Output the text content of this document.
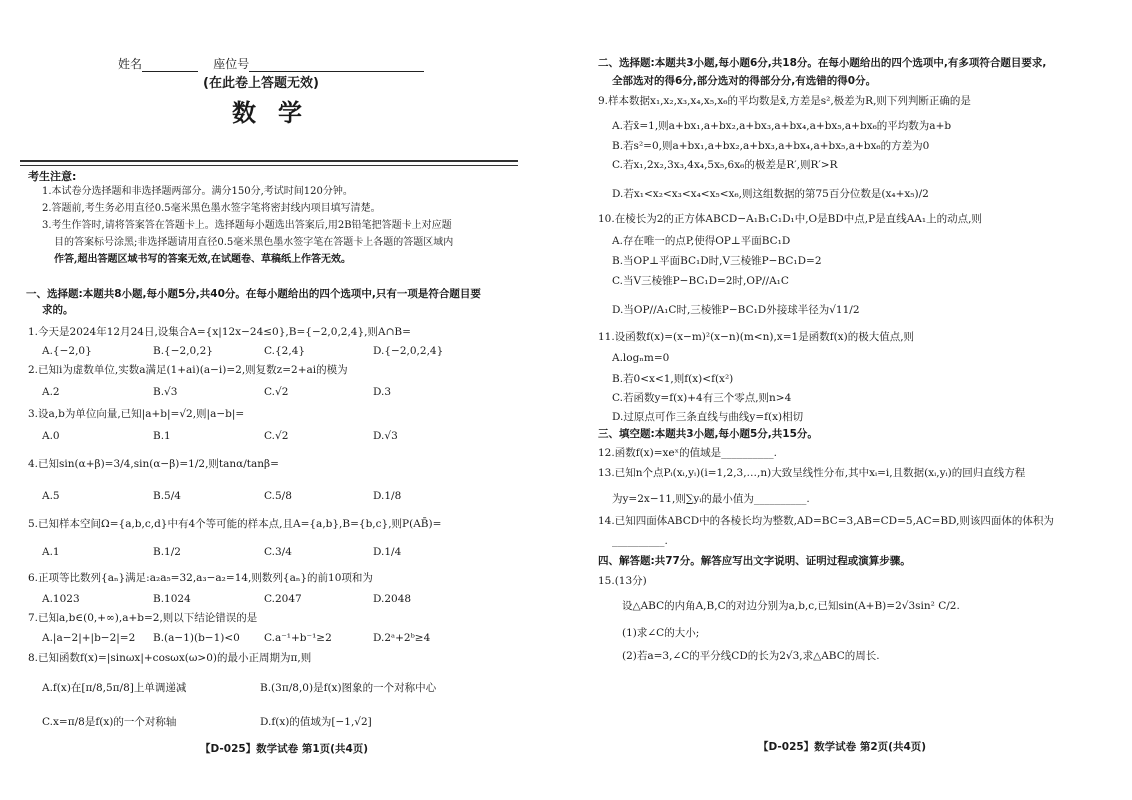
姓名	座位号
(在此卷上答题无效)
数学
考生注意:
1.本试卷分选择题和非选择题两部分。满分150分,考试时间120分钟。
2.答题前,考生务必用直径0.5毫米黑色墨水签字笔将密封线内项目填写清楚。
3.考生作答时,请将答案答在答题卡上。选择题每小题选出答案后,用2B铅笔把答题卡上对应题
目的答案标号涂黑;非选择题请用直径0.5毫米黑色墨水签字笔在答题卡上各题的答题区域内
作答,超出答题区域书写的答案无效,在试题卷、草稿纸上作答无效。
一、选择题:本题共8小题,每小题5分,共40分。在每小题给出的四个选项中,只有一项是符合题目要
求的。
1.今天是2024年12月24日,设集合A={x|12x−24≤0},B={−2,0,2,4},则A∩B=
A.{−2,0}	B.{−2,0,2}	C.{2,4}	D.{−2,0,2,4}
2.已知i为虚数单位,实数a满足(1+ai)(a−i)=2,则复数z=2+ai的模为
A.2	B.√3	C.√2	D.3
3.设a,b为单位向量,已知|a+b|=√2,则|a−b|=
A.0	B.1	C.√2	D.√3
4.已知sin(α+β)=3/4,sin(α−β)=1/2,则tanα/tanβ=
A.5	B.5/4	C.5/8	D.1/8
5.已知样本空间Ω={a,b,c,d}中有4个等可能的样本点,且A={a,b},B={b,c},则P(AB̄)=
A.1	B.1/2	C.3/4	D.1/4
6.正项等比数列{aₙ}满足:a₂a₅=32,a₃−a₂=14,则数列{aₙ}的前10项和为
A.1023	B.1024	C.2047	D.2048
7.已知a,b∈(0,+∞),a+b=2,则以下结论错误的是
A.|a−2|+|b−2|=2 B.(a−1)(b−1)<0 C.a⁻¹+b⁻¹≥2	D.2ᵃ+2ᵇ≥4
8.已知函数f(x)=|sinωx|+cosωx(ω>0)的最小正周期为π,则
A.f(x)在[π/8,5π/8]上单调递减	B.(3π/8,0)是f(x)图象的一个对称中心
C.x=π/8是f(x)的一个对称轴	D.f(x)的值域为[−1,√2]
【D-025】数学试卷 第1页(共4页)
二、选择题:本题共3小题,每小题6分,共18分。在每小题给出的四个选项中,有多项符合题目要求,
全部选对的得6分,部分选对的得部分分,有选错的得0分。
9.样本数据x₁,x₂,x₃,x₄,x₅,x₆的平均数是x̄,方差是s²,极差为R,则下列判断正确的是
A.若x̄=1,则a+bx₁,a+bx₂,a+bx₃,a+bx₄,a+bx₅,a+bx₆的平均数为a+b
B.若s²=0,则a+bx₁,a+bx₂,a+bx₃,a+bx₄,a+bx₅,a+bx₆的方差为0
C.若x₁,2x₂,3x₃,4x₄,5x₅,6x₆的极差是R′,则R′>R
D.若x₁<x₂<x₃<x₄<x₅<x₆,则这组数据的第75百分位数是(x₄+x₅)/2
10.在棱长为2的正方体ABCD−A₁B₁C₁D₁中,O是BD中点,P是直线AA₁上的动点,则
A.存在唯一的点P,使得OP⊥平面BC₁D
B.当OP⊥平面BC₁D时,V三棱锥P−BC₁D=2
C.当V三棱锥P−BC₁D=2时,OP//A₁C
D.当OP//A₁C时,三棱锥P−BC₁D外接球半径为√11/2
11.设函数f(x)=(x−m)²(x−n)(m<n),x=1是函数f(x)的极大值点,则
A.logₙm=0
B.若0<x<1,则f(x)<f(x²)
C.若函数y=f(x)+4有三个零点,则n>4
D.过原点可作三条直线与曲线y=f(x)相切
三、填空题:本题共3小题,每小题5分,共15分。
12.函数f(x)=xeˣ的值域是__________.
13.已知n个点Pᵢ(xᵢ,yᵢ)(i=1,2,3,…,n)大致呈线性分布,其中xᵢ=i,且数据(xᵢ,yᵢ)的回归直线方程
为y=2x−11,则∑yᵢ的最小值为__________.
14.已知四面体ABCD中的各棱长均为整数,AD=BC=3,AB=CD=5,AC=BD,则该四面体的体积为
__________.
四、解答题:共77分。解答应写出文字说明、证明过程或演算步骤。
15.(13分)
设△ABC的内角A,B,C的对边分别为a,b,c,已知sin(A+B)=2√3sin² C/2.
(1)求∠C的大小;
(2)若a=3,∠C的平分线CD的长为2√3,求△ABC的周长.
【D-025】数学试卷 第2页(共4页)
